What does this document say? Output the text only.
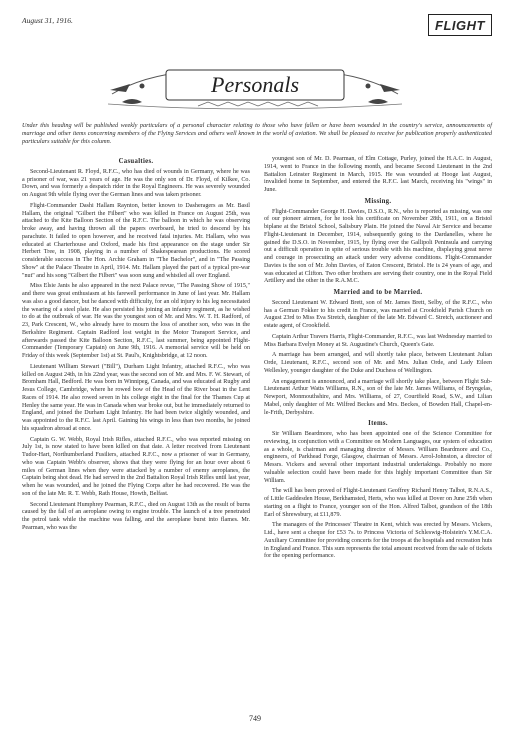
August 31, 1916.	FLIGHT
Personals

Under this heading will be published weekly particulars of a personal character relating to those who have fallen or have been wounded in the country's service, announcements of marriage and other items concerning members of the Flying Services and others well known in the world of aviation. We shall be pleased to receive for publication properly authenticated particulars suitable for this column.

Casualties.

Second-Lieutenant R. Floyd, R.F.C., who has died of wounds in Germany, where he was a prisoner of war, was 21 years of age. He was the only son of Dr. Floyd, of Kilkee, Co. Down, and was formerly a despatch rider in the Royal Engineers. He was severely wounded on August 9th while flying over the German lines and was taken prisoner.

Flight-Commander Dashi Hallam Raynton, better known to Dasheragers as Mr. Basil Hallam, the original "Gilbert the Filbert" who was killed in France on August 25th, was attached to the Kite Balloon Section of the R.F.C. The balloon in which he was observing broke away, and having thrown all the papers overboard, he tried to descend by his parachute. It failed to open however, and he received fatal injuries. Mr. Hallam, who was educated at Charterhouse and Oxford, made his first appearance on the stage under Sir Herbert Tree, in 1908, playing in a number of Shakespearean productions. He scored considerable success in The Hon. Archie Graham in "The Bachelor", and in "The Passing Show" at the Palace Theatre in April, 1914. Mr. Hallam played the part of a typical pre-war "nut" and his song "Gilbert the Filbert" was soon sung and whistled all over England.

Miss Elsie Janis he also appeared in the next Palace revue, "The Passing Show of 1915," and there was great enthusiasm at his farewell performance in June of last year. Mr. Hallam was also a good dancer, but he danced with difficulty, for an old injury to his leg necessitated the wearing of a steel plate. He also persisted his joining an infantry regiment, as he wished to do at the outbreak of war. He was the youngest son of Mr. and Mrs. W. T. H. Radford, of 23, Park Crescent, W., who already have to mourn the loss of another son, who was in the Berkshire Regiment. Captain Radford lost weight in the Motor Transport Service, and afterwards passed the Kite Balloon Section, R.F.C., last summer, being appointed Flight-Commander (Temporary Captain) on June 9th, 1916. A memorial service will be held on Friday of this week (September 1st) at St. Paul's, Knightsbridge, at 12 noon.

Lieutenant William Stewart ("Bill"), Durham Light Infantry, attached R.F.C., who was killed on August 24th, in his 22nd year, was the second son of Mr. and Mrs. F. W. Stewart, of Bromham Hall, Bedford. He was born in Winnipeg, Canada, and was educated at Rugby and Jesus College, Cambridge, where he rowed bow of the Head of the River boat in the Lent Races of 1914. He also rowed seven in his college eight in the final for the Thames Cup at Henley the same year. He was in Canada when war broke out, but he immediately returned to England, and joined the Durham Light Infantry. He had been twice slightly wounded, and was appointed to the R.F.C. last April. Gaining his wings in less than two months, he joined his squadron abroad at once.

Captain G. W. Webb, Royal Irish Rifles, attached R.F.C., who was reported missing on July 1st, is now stated to have been killed on that date. A letter received from Lieutenant Tudor-Hart, Northumberland Fusiliers, attached R.F.C., now a prisoner of war in Germany, who was Captain Webb's observer, shows that they were flying for an hour over about 6 miles of German lines when they were attacked by a number of enemy aeroplanes, the Captain being shot dead. He had served in the 2nd Battalion Royal Irish Rifles until last year, when he was wounded, and he joined the Flying Corps after he had recovered. He was the son of the late Mr. R. T. Webb, Rath House, Howth, Belfast.

Second Lieutenant Humphrey Pearman, R.F.C., died on August 13th as the result of burns caused by the fall of an aeroplane owing to engine trouble. The launch of a tree penetrated the petrol tank while the machine was falling, and the aeroplane burst into flames. Mr. Pearman, who was the

youngest son of Mr. D. Pearman, of Elm Cottage, Purley, joined the H.A.C. in August, 1914, went to France in the following month, and became Second Lieutenant in the 2nd Battalion Leinster Regiment in March, 1915. He was wounded at Hooge last August, invalided home in September, and entered the R.F.C. last March, receiving his "wings" in June.

Missing.

Flight-Commander George H. Davies, D.S.O., R.N., who is reported as missing, was one of our pioneer airmen, for he took his certificate on November 28th, 1911, on a Bristol biplane at the Bristol School, Salisbury Plain. He joined the Naval Air Service and became Flight-Lieutenant in December, 1914, subsequently going to the Dardanelles, where he gained the D.S.O. in November, 1915, by flying over the Gallipoli Peninsula and carrying out a difficult operation in spite of serious trouble with his machine, displaying great nerve and courage in prosecuting an attack under very adverse conditions. Flight-Commander Davies is the son of Mr. John Davies, of Eaton Crescent, Bristol. He is 24 years of age, and was educated at Clifton. Two other brothers are serving their country, one in the Royal Field Artillery and the other in the R.A.M.C.

Married and to be Married.

Second Lieutenant W. Edward Brett, son of Mr. James Brett, Selby, of the R.F.C., who has a German Fokker to his credit in France, was married at Crookfield Parish Church on August 23rd to Miss Eva Stretch, daughter of the late Mr. Edward C. Stretch, auctioneer and estate agent, of Crookfield.

Captain Arthur Travers Harris, Flight-Commander, R.F.C., was last Wednesday married to Miss Barbara Evelyn Money at St. Augustine's Church, Queen's Gate.

A marriage has been arranged, and will shortly take place, between Lieutenant Julian Orde, Lieutenant, R.F.C., second son of Mr. and Mrs. Julian Orde, and Lady Eileen Wellesley, younger daughter of the Duke and Duchess of Wellington.

An engagement is announced, and a marriage will shortly take place, between Flight Sub-Lieutenant Arthur Watts Williams, R.N., son of the late Mr. James Williams, of Bryngelas, Newport, Monmouthshire, and Mrs. Williams, of 27, Courtfield Road, S.W., and Lilian Mabel, only daughter of Mr. Wilfred Beckes and Mrs. Beckes, of Bowden Hall, Chapel-en-le-Frith, Derbyshire.

Items.

Sir William Beardmore, who has been appointed one of the Science Committee for reviewing, in conjunction with a Committee on Modern Languages, our system of education as a whole, is chairman and managing director of Messrs. William Beardmore and Co., engineers, of Parkhead Forge, Glasgow, chairman of Messrs. Arrol-Johnston, a director of Messrs. Vickers and several other important industrial undertakings. Probably no more valuable selection could have been made for this highly important Committee than Sir William.

The will has been proved of Flight-Lieutenant Geoffrey Richard Henry Talbot, R.N.A.S., of Little Gaddesden House, Berkhamsted, Herts, who was killed at Dover on June 25th when starting on a flight to France, younger son of the Hon. Alfred Talbot, grandson of the 18th Earl of Shrewsbury, at £11,879.

The managers of the Princesses' Theatre in Kent, which was erected by Messrs. Vickers, Ltd., have sent a cheque for £53 7s. to Princess Victoria of Schleswig-Holstein's Y.M.C.A. Auxiliary Committee for providing concerts for the troops at the hospitals and recreation huts in England and France. This sum represents the total amount received from the sale of tickets for the opening performance.

749
